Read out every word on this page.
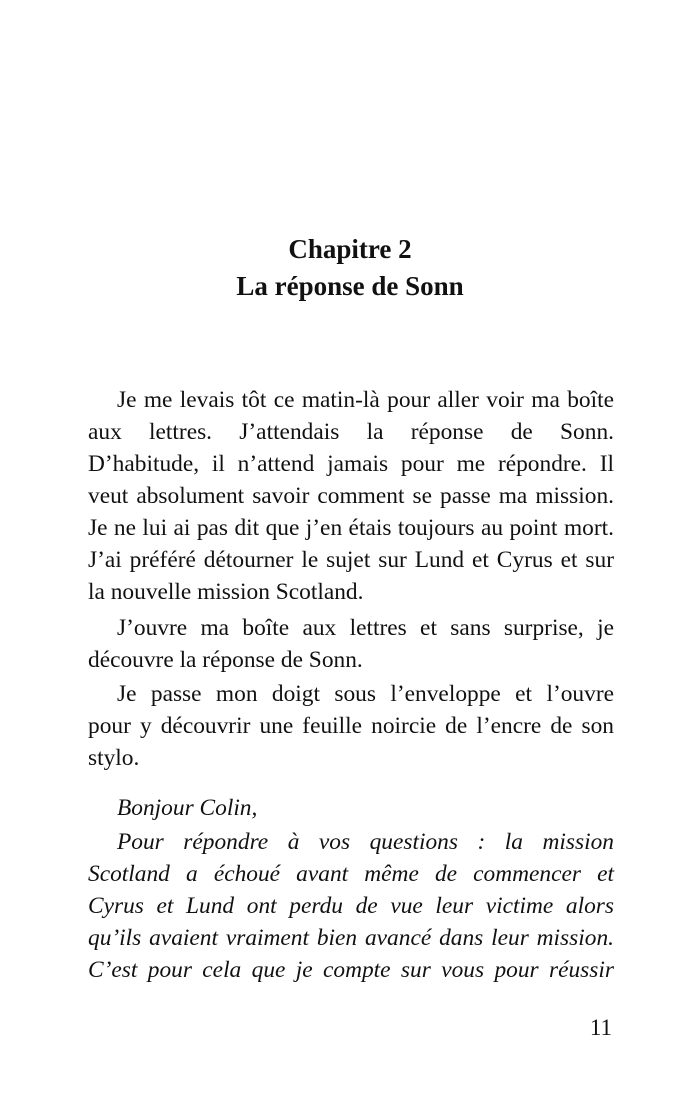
Chapitre 2
La réponse de Sonn
Je me levais tôt ce matin-là pour aller voir ma boîte
aux lettres. J’attendais la réponse de Sonn.
D’habitude, il n’attend jamais pour me répondre. Il
veut absolument savoir comment se passe ma mission.
Je ne lui ai pas dit que j’en étais toujours au point mort.
J’ai préféré détourner le sujet sur Lund et Cyrus et sur
la nouvelle mission Scotland.
J’ouvre ma boîte aux lettres et sans surprise, je
découvre la réponse de Sonn.
Je passe mon doigt sous l’enveloppe et l’ouvre
pour y découvrir une feuille noircie de l’encre de son
stylo.
Bonjour Colin,
Pour répondre à vos questions : la mission
Scotland a échoué avant même de commencer et
Cyrus et Lund ont perdu de vue leur victime alors
qu’ils avaient vraiment bien avancé dans leur mission.
C’est pour cela que je compte sur vous pour réussir
11
